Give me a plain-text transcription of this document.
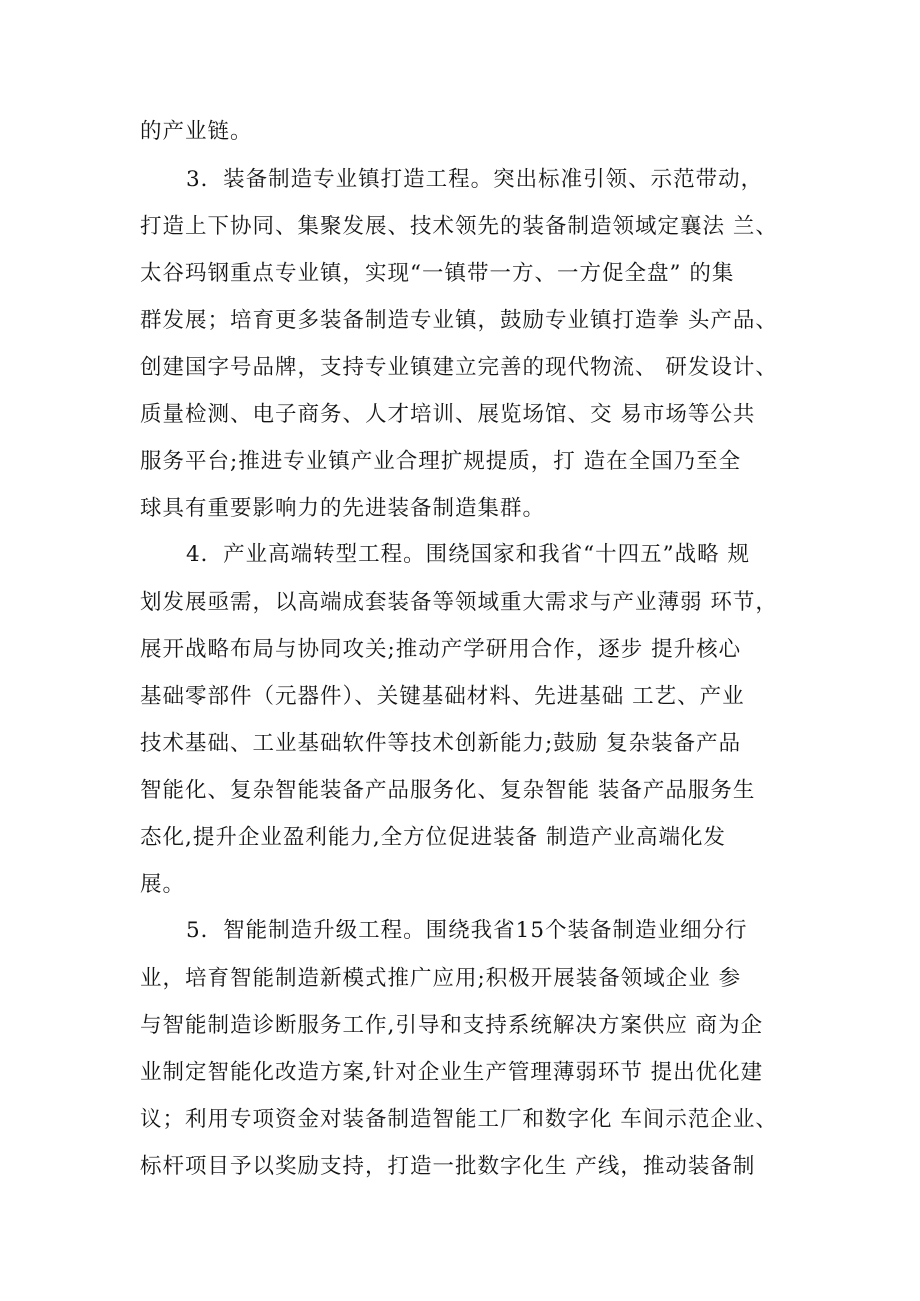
的产业链。
3．装备制造专业镇打造工程。突出标准引领、示范带动，
打造上下协同、集聚发展、技术领先的装备制造领域定襄法 兰、
太谷玛钢重点专业镇，实现“一镇带一方、一方促全盘” 的集
群发展；培育更多装备制造专业镇，鼓励专业镇打造拳 头产品、
创建国字号品牌，支持专业镇建立完善的现代物流、 研发设计、
质量检测、电子商务、人才培训、展览场馆、交 易市场等公共
服务平台;推进专业镇产业合理扩规提质，打 造在全国乃至全
球具有重要影响力的先进装备制造集群。
4．产业高端转型工程。围绕国家和我省“十四五”战略 规
划发展亟需，以高端成套装备等领域重大需求与产业薄弱 环节，
展开战略布局与协同攻关;推动产学研用合作，逐步 提升核心
基础零部件（元器件）、关键基础材料、先进基础 工艺、产业
技术基础、工业基础软件等技术创新能力;鼓励 复杂装备产品
智能化、复杂智能装备产品服务化、复杂智能 装备产品服务生
态化,提升企业盈利能力,全方位促进装备 制造产业高端化发
展。
5．智能制造升级工程。围绕我省15个装备制造业细分行
业，培育智能制造新模式推广应用;积极开展装备领域企业 参
与智能制造诊断服务工作,引导和支持系统解决方案供应 商为企
业制定智能化改造方案,针对企业生产管理薄弱环节 提出优化建
议；利用专项资金对装备制造智能工厂和数字化 车间示范企业、
标杆项目予以奖励支持，打造一批数字化生 产线，推动装备制
